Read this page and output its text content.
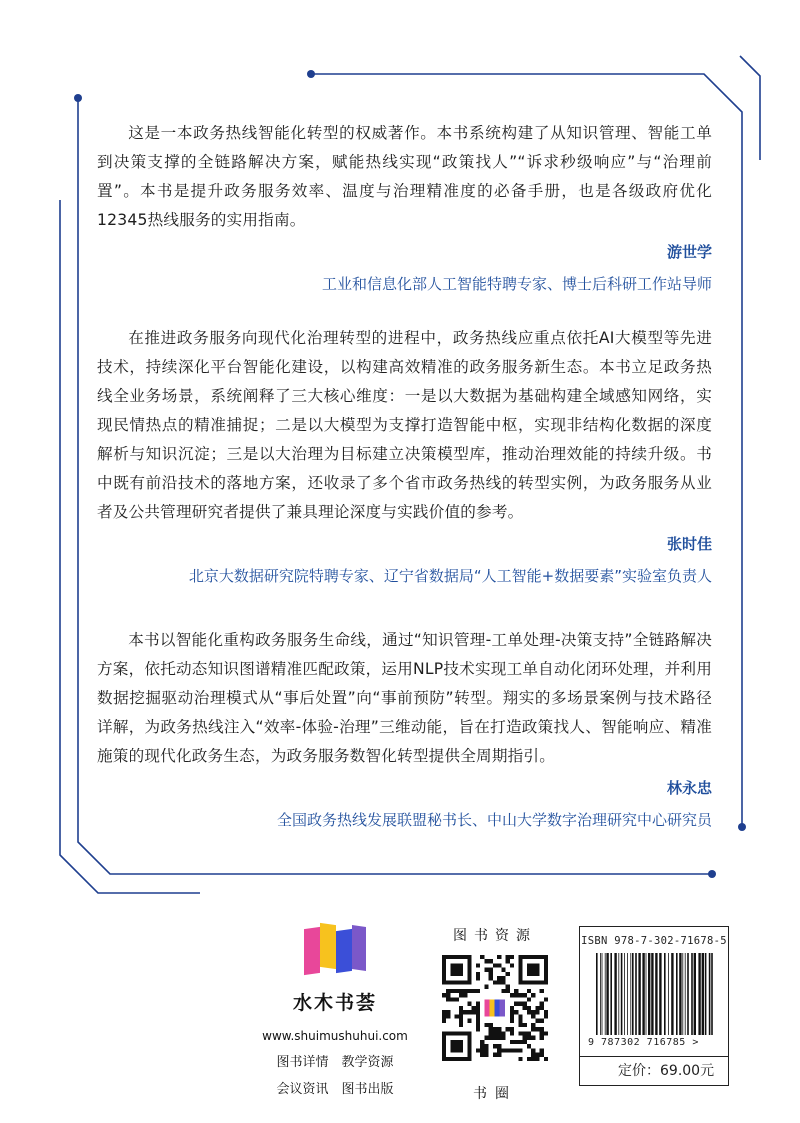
这是一本政务热线智能化转型的权威著作。本书系统构建了从知识管理、智能工单到决策支撑的全链路解决方案，赋能热线实现“政策找人”“诉求秒级响应”与“治理前置”。本书是提升政务服务效率、温度与治理精准度的必备手册，也是各级政府优化12345热线服务的实用指南。

游世学
工业和信息化部人工智能特聘专家、博士后科研工作站导师

在推进政务服务向现代化治理转型的进程中，政务热线应重点依托AI大模型等先进技术，持续深化平台智能化建设，以构建高效精准的政务服务新生态。本书立足政务热线全业务场景，系统阐释了三大核心维度：一是以大数据为基础构建全域感知网络，实现民情热点的精准捕捉；二是以大模型为支撑打造智能中枢，实现非结构化数据的深度解析与知识沉淀；三是以大治理为目标建立决策模型库，推动治理效能的持续升级。书中既有前沿技术的落地方案，还收录了多个省市政务热线的转型实例，为政务服务从业者及公共管理研究者提供了兼具理论深度与实践价值的参考。

张时佳
北京大数据研究院特聘专家、辽宁省数据局“人工智能+数据要素”实验室负责人

本书以智能化重构政务服务生命线，通过“知识管理-工单处理-决策支持”全链路解决方案，依托动态知识图谱精准匹配政策，运用NLP技术实现工单自动化闭环处理，并利用数据挖掘驱动治理模式从“事后处置”向“事前预防”转型。翔实的多场景案例与技术路径详解，为政务热线注入“效率-体验-治理”三维动能，旨在打造政策找人、智能响应、精准施策的现代化政务生态，为政务服务数智化转型提供全周期指引。

林永忠
全国政务热线发展联盟秘书长、中山大学数字治理研究中心研究员
水木书荟
www.shuimushuhui.com
图书详情　教学资源
会议资讯　图书出版
图书资源
书圈
ISBN 978-7-302-71678-5
9 787302 716785 >
定价：69.00元
